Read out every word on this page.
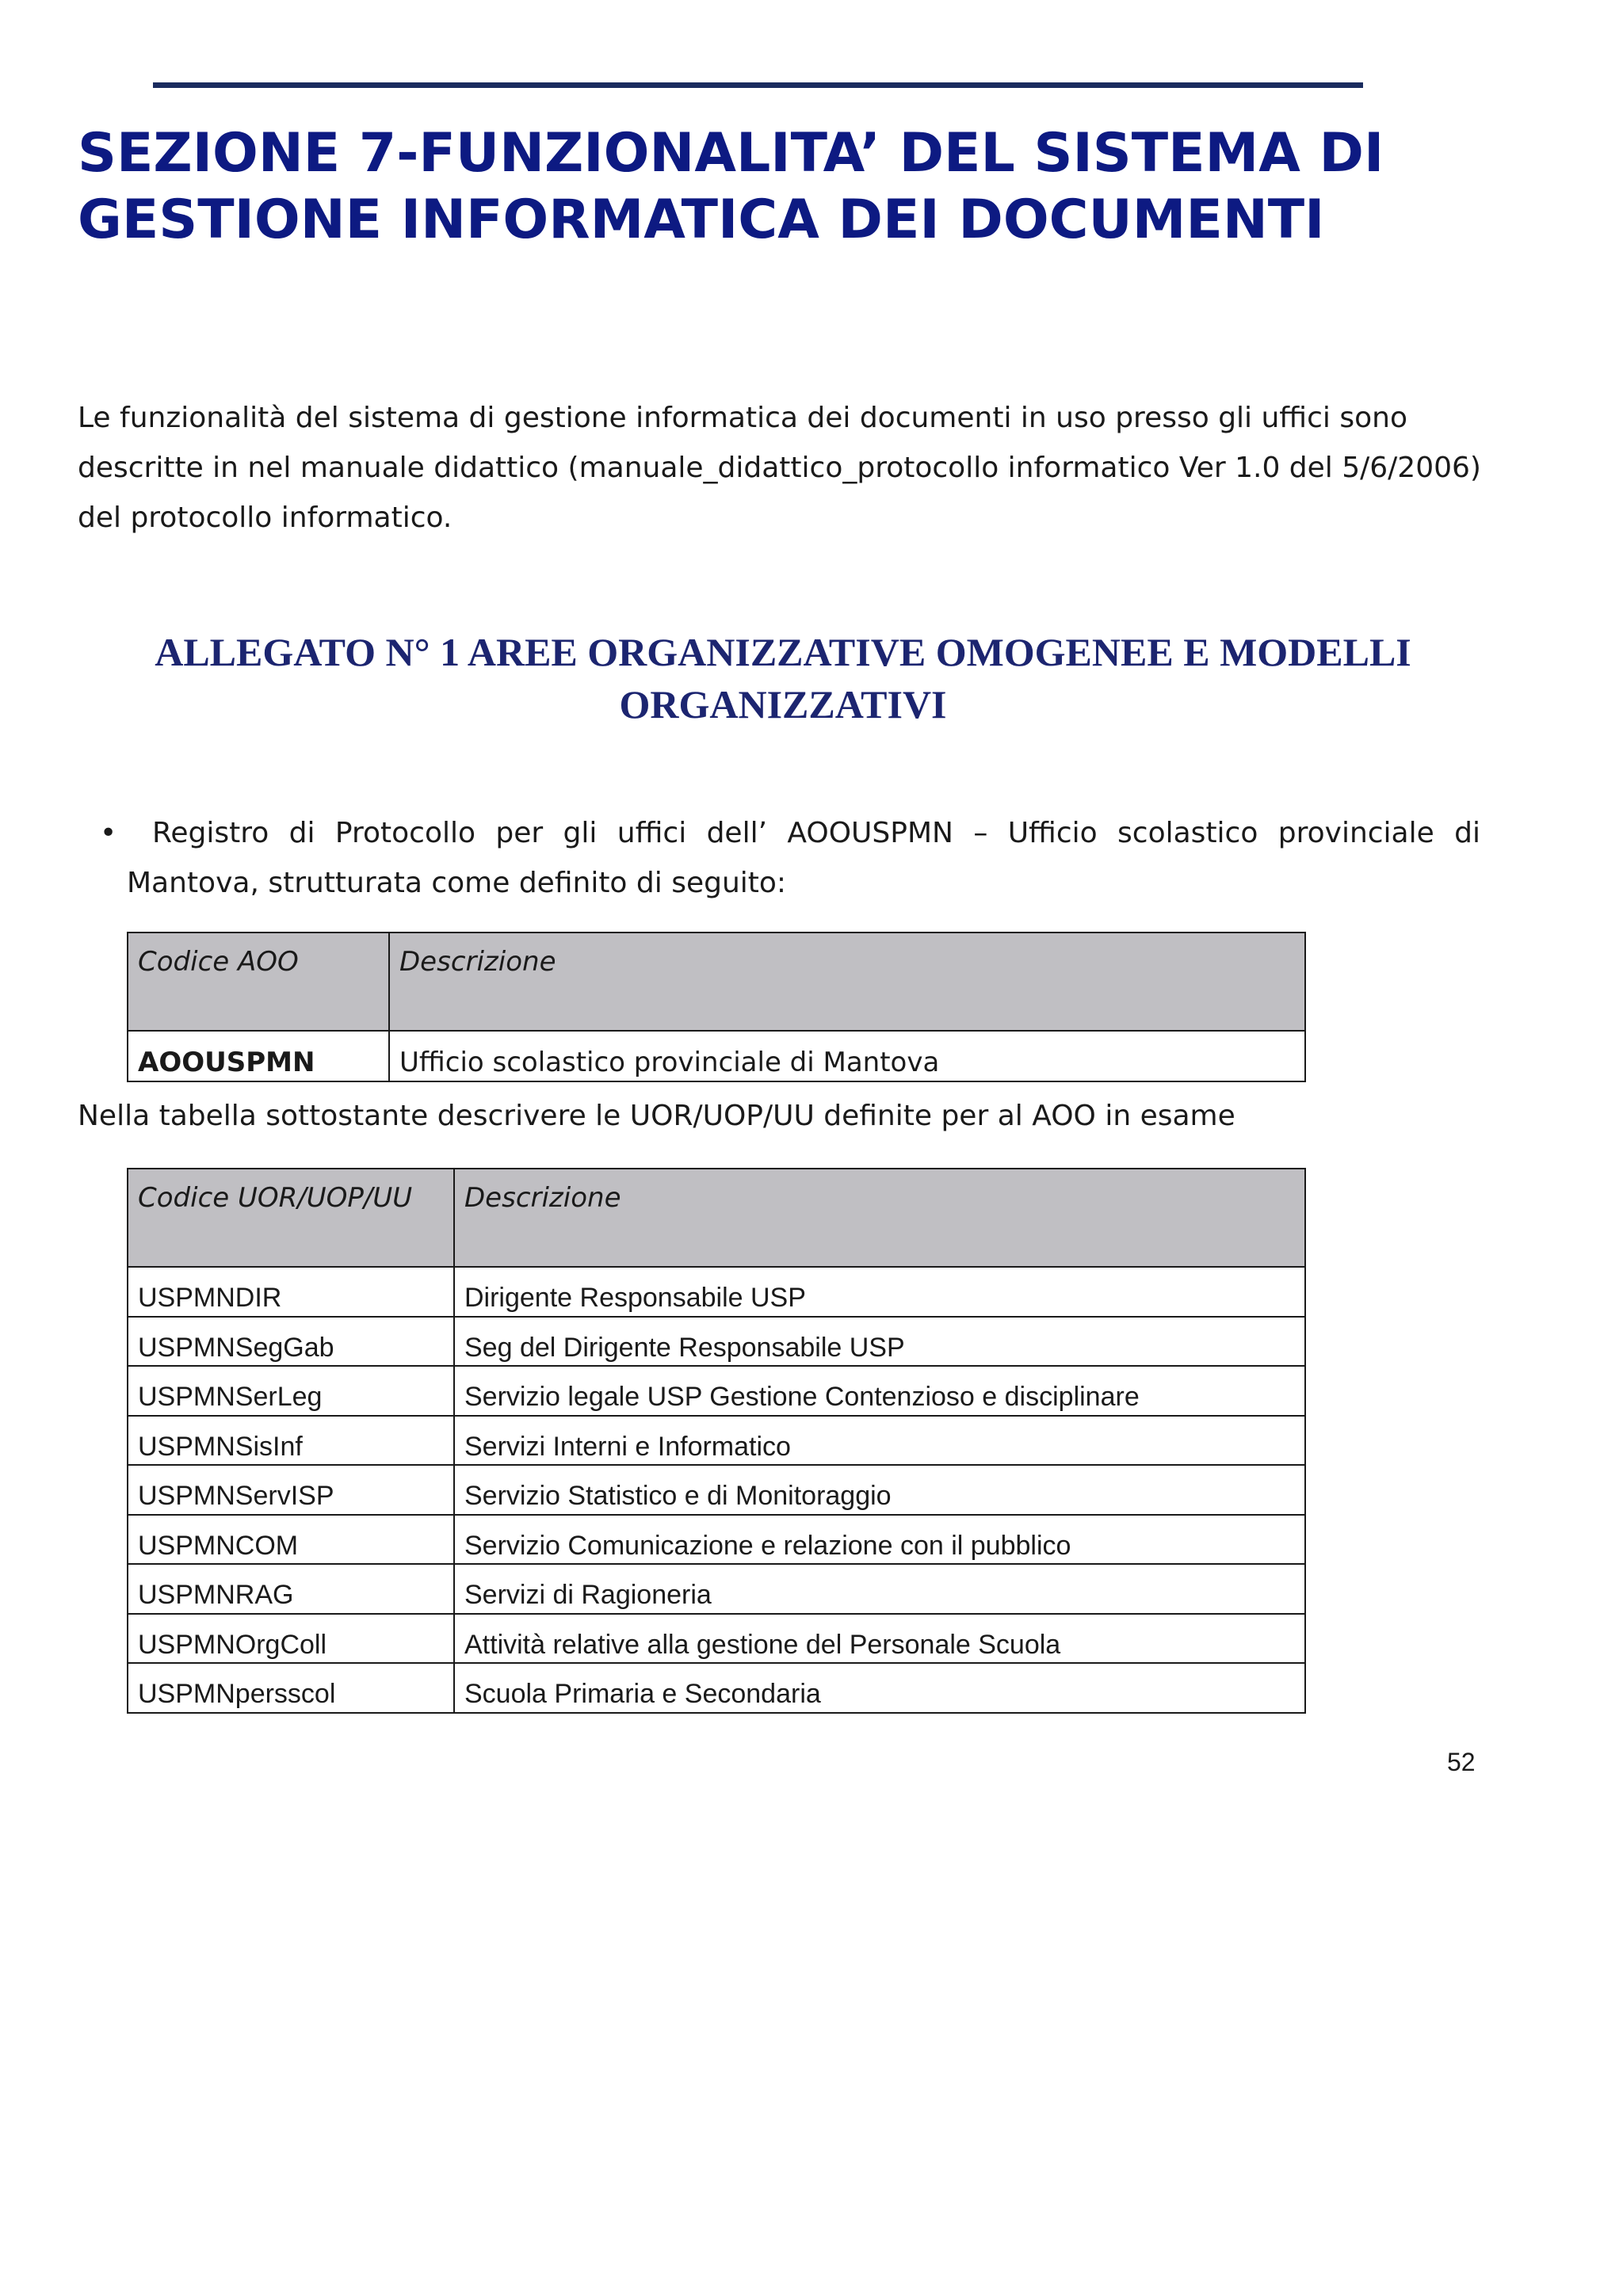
SEZIONE 7-FUNZIONALITA’ DEL SISTEMA DI GESTIONE INFORMATICA DEI DOCUMENTI

Le funzionalità del sistema di gestione informatica dei documenti in uso presso gli uffici sono descritte in nel manuale didattico (manuale_didattico_protocollo informatico Ver 1.0 del 5/6/2006) del protocollo informatico.

ALLEGATO N° 1 AREE ORGANIZZATIVE OMOGENEE E MODELLI ORGANIZZATIVI
•	Registro di Protocollo per gli uffici dell’ AOOUSPMN – Ufficio scolastico provinciale di Mantova, strutturata come definito di seguito:

Codice AOO	Descrizione
AOOUSPMN	Ufficio scolastico provinciale di Mantova

Nella tabella sottostante descrivere le UOR/UOP/UU definite per al AOO in esame

Codice UOR/UOP/UU	Descrizione
USPMNDIR	Dirigente Responsabile USP
USPMNSegGab	Seg del Dirigente Responsabile USP
USPMNSerLeg	Servizio legale USP Gestione Contenzioso e disciplinare
USPMNSisInf	Servizi Interni e Informatico
USPMNServISP	Servizio Statistico e di Monitoraggio
USPMNCOM	Servizio Comunicazione e relazione con il pubblico
USPMNRAG	Servizi di Ragioneria
USPMNOrgColl	Attività relative alla gestione del Personale Scuola
USPMNpersscol	Scuola Primaria e Secondaria

52
